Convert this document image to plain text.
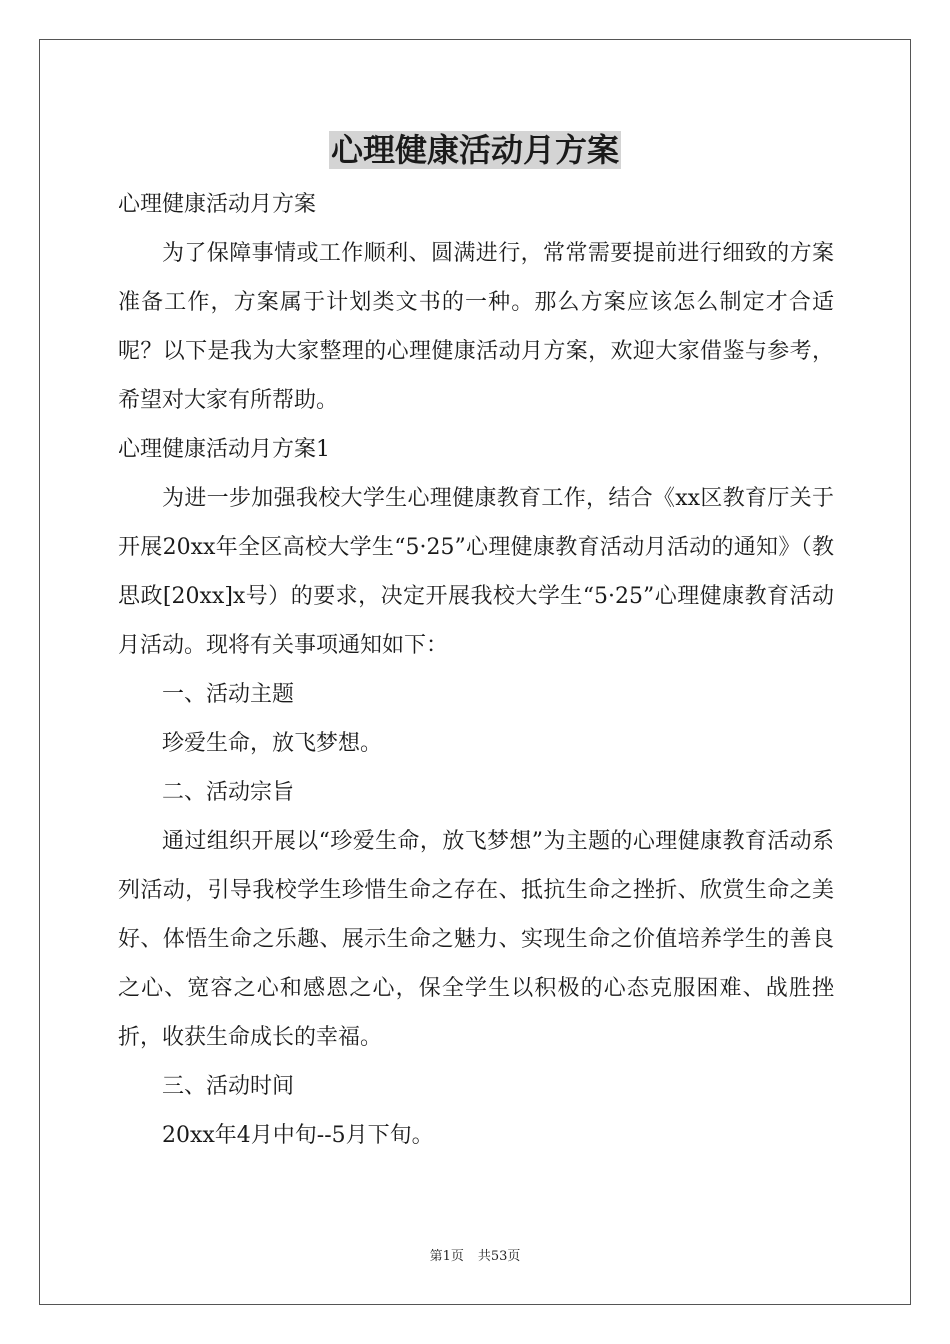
心理健康活动月方案

心理健康活动月方案

为了保障事情或工作顺利、圆满进行，常常需要提前进行细致的方案准备工作，方案属于计划类文书的一种。那么方案应该怎么制定才合适呢？以下是我为大家整理的心理健康活动月方案，欢迎大家借鉴与参考，希望对大家有所帮助。

心理健康活动月方案1

为进一步加强我校大学生心理健康教育工作，结合《xx区教育厅关于开展20xx年全区高校大学生“5·25”心理健康教育活动月活动的通知》（教思政[20xx]x号）的要求，决定开展我校大学生“5·25”心理健康教育活动月活动。现将有关事项通知如下：

一、活动主题

珍爱生命，放飞梦想。

二、活动宗旨

通过组织开展以“珍爱生命，放飞梦想”为主题的心理健康教育活动系列活动，引导我校学生珍惜生命之存在、抵抗生命之挫折、欣赏生命之美好、体悟生命之乐趣、展示生命之魅力、实现生命之价值培养学生的善良之心、宽容之心和感恩之心，保全学生以积极的心态克服困难、战胜挫折，收获生命成长的幸福。

三、活动时间

20xx年4月中旬--5月下旬。

第1页 共53页
